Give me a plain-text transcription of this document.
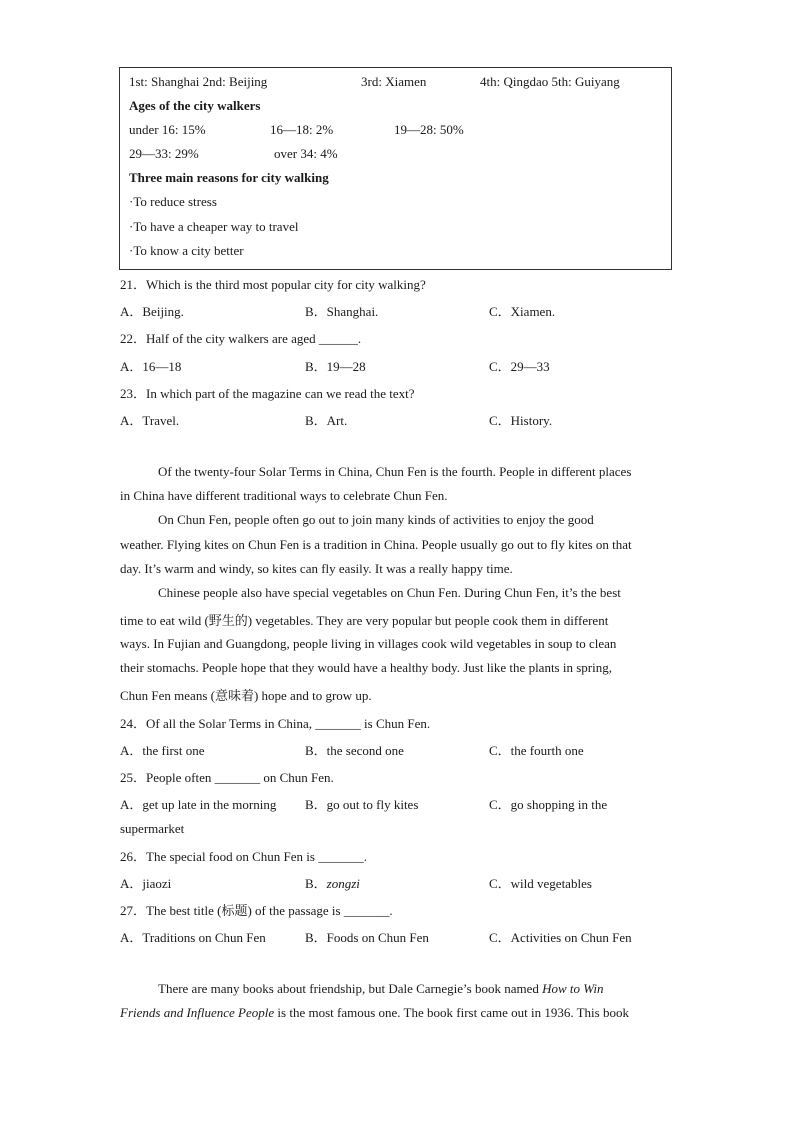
1st: Shanghai 2nd: Beijing	3rd: Xiamen	4th: Qingdao 5th: Guiyang
Ages of the city walkers
under 16: 15%	16—18: 2%	19—28: 50%
29—33: 29%	over 34: 4%
Three main reasons for city walking
·To reduce stress
·To have a cheaper way to travel
·To know a city better
21．Which is the third most popular city for city walking?
A．Beijing.	B．Shanghai.	C．Xiamen.
22．Half of the city walkers are aged ______.
A．16—18	B．19—28	C．29—33
23．In which part of the magazine can we read the text?
A．Travel.	B．Art.	C．History.
Of the twenty-four Solar Terms in China, Chun Fen is the fourth. People in different places
in China have different traditional ways to celebrate Chun Fen.
On Chun Fen, people often go out to join many kinds of activities to enjoy the good
weather. Flying kites on Chun Fen is a tradition in China. People usually go out to fly kites on that
day. It’s warm and windy, so kites can fly easily. It was a really happy time.
Chinese people also have special vegetables on Chun Fen. During Chun Fen, it’s the best
time to eat wild (野生的) vegetables. They are very popular but people cook them in different
ways. In Fujian and Guangdong, people living in villages cook wild vegetables in soup to clean
their stomachs. People hope that they would have a healthy body. Just like the plants in spring,
Chun Fen means (意味着) hope and to grow up.
24．Of all the Solar Terms in China, _______ is Chun Fen.
A．the first one	B．the second one	C．the fourth one
25．People often _______ on Chun Fen.
A．get up late in the morning B．go out to fly kites	C．go shopping in the
supermarket
26．The special food on Chun Fen is _______.
A．jiaozi	B．zongzi	C．wild vegetables
27．The best title (标题) of the passage is _______.
A．Traditions on Chun Fen	B．Foods on Chun Fen	C．Activities on Chun Fen
There are many books about friendship, but Dale Carnegie’s book named How to Win
Friends and Influence People is the most famous one. The book first came out in 1936. This book
